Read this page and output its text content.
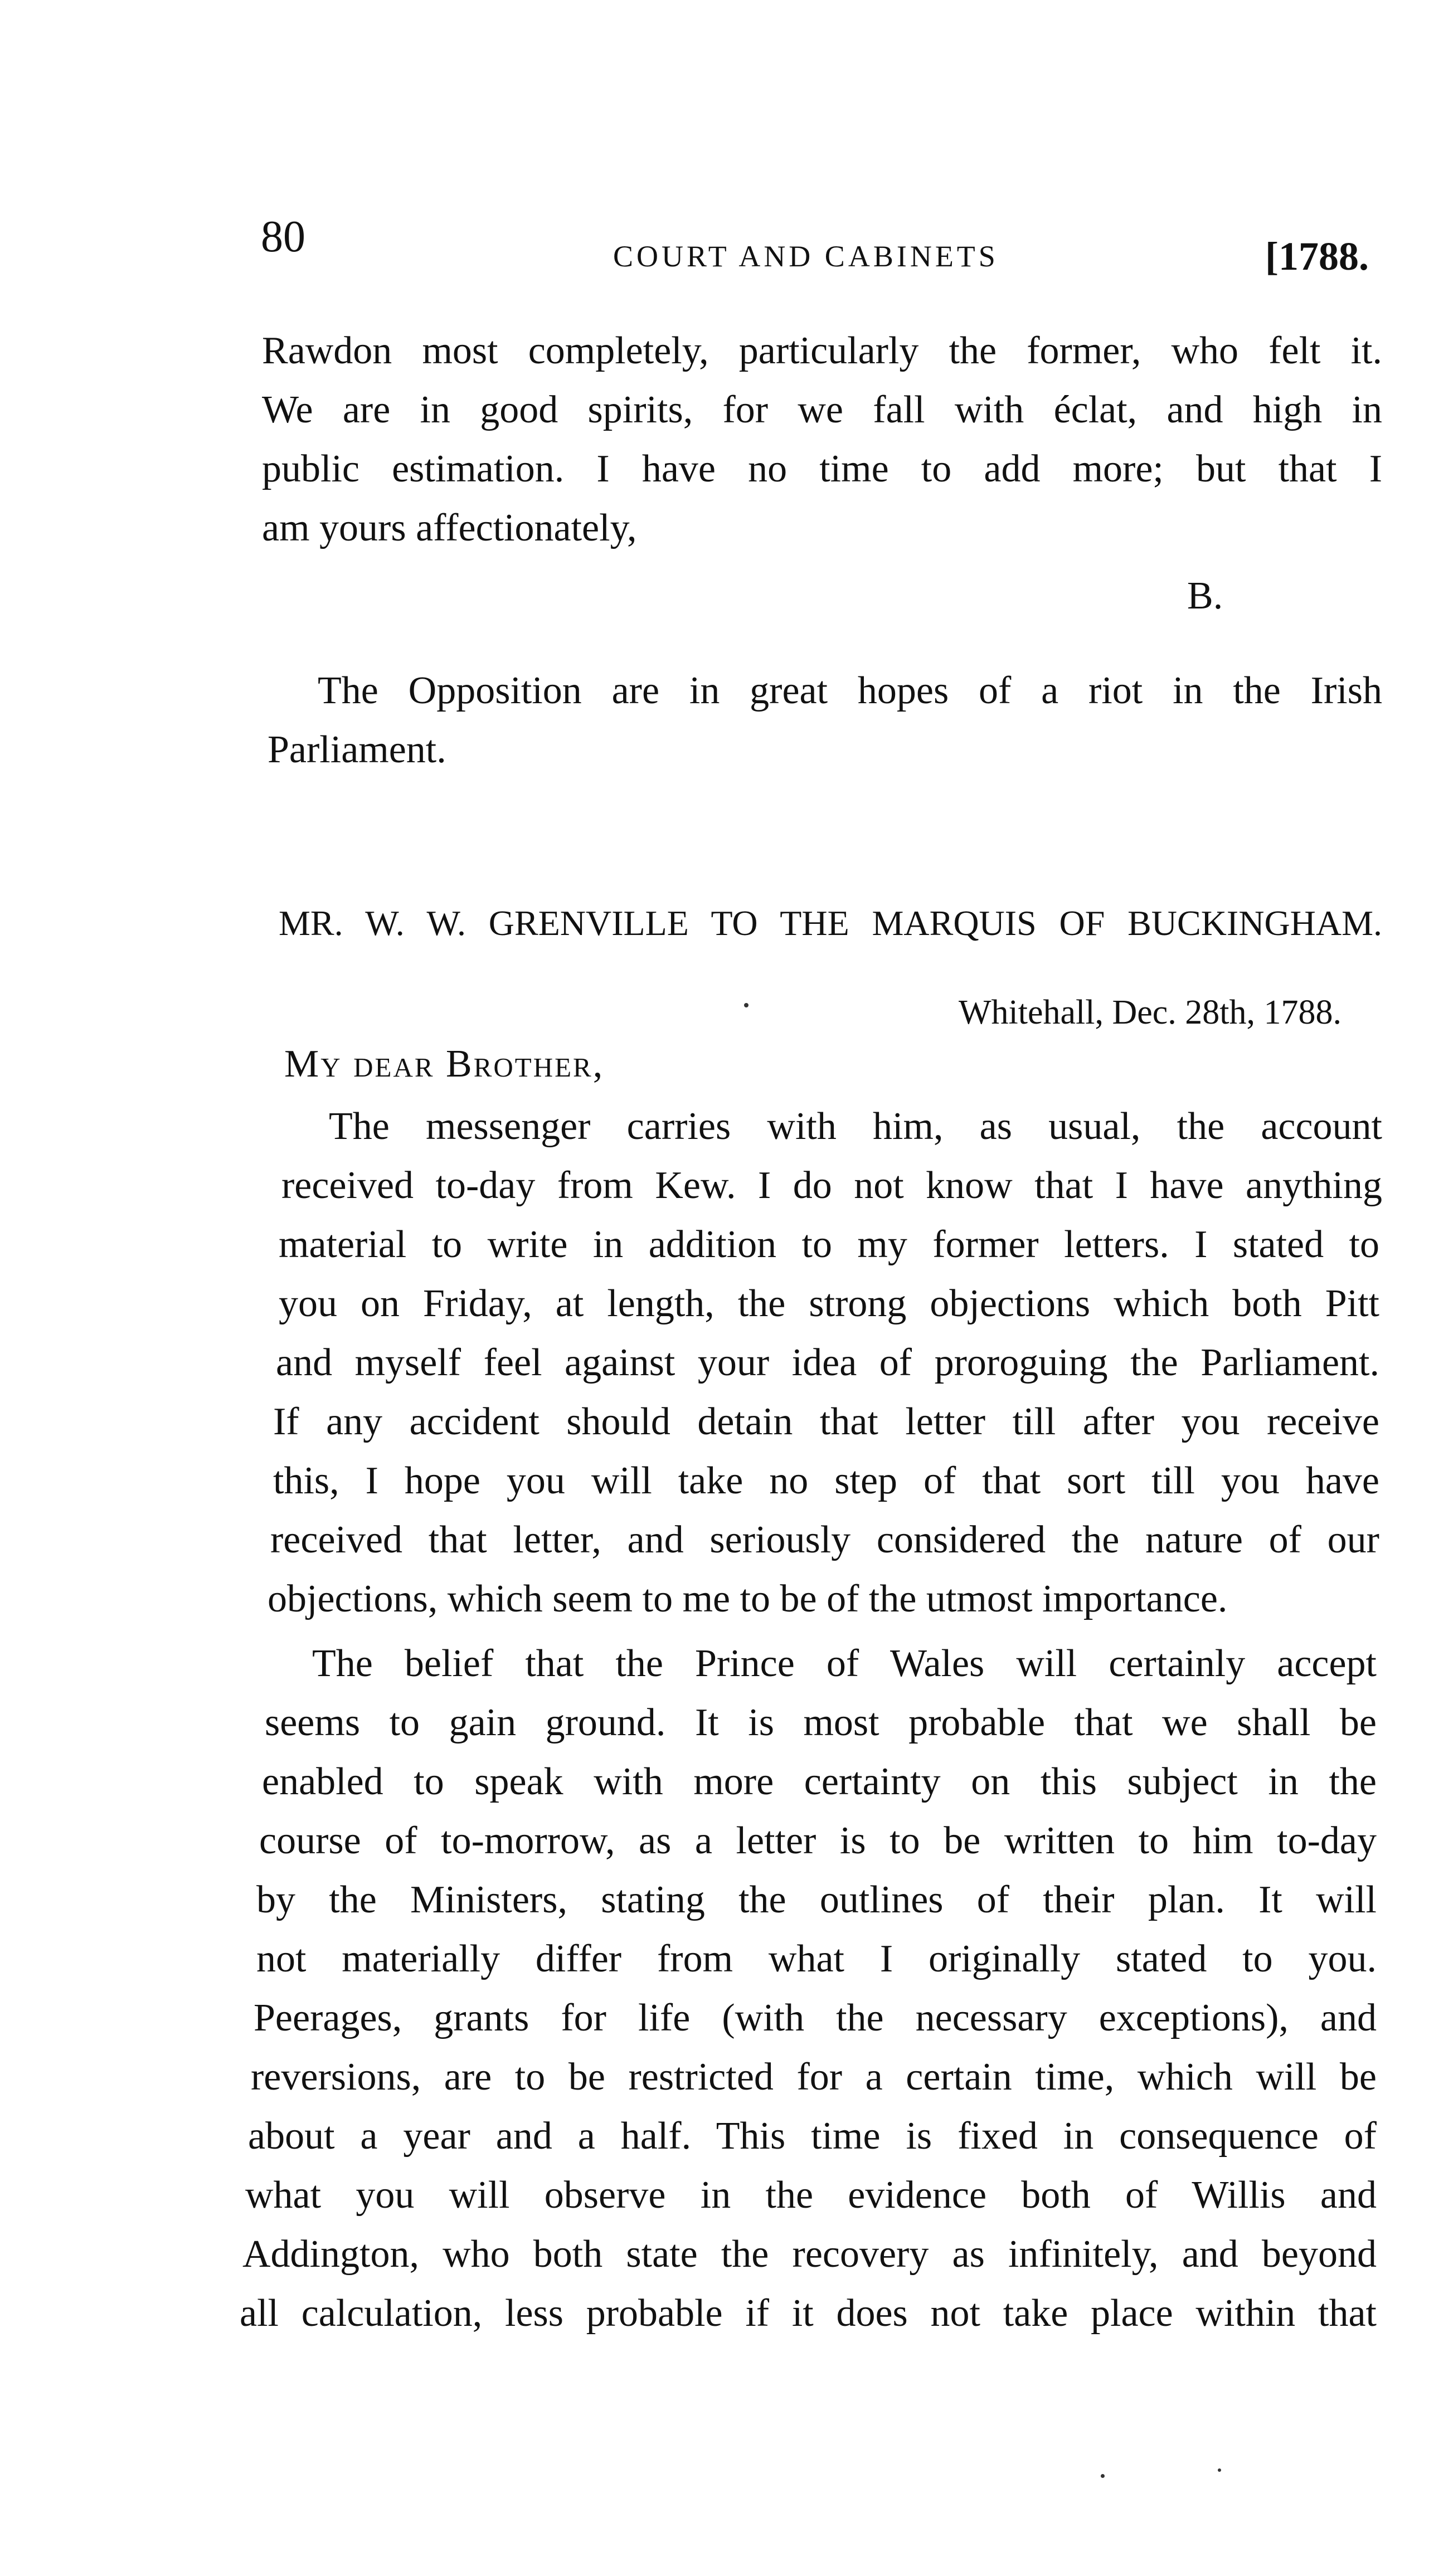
80	COURT AND CABINETS	[1788.
Rawdon most completely, particularly the former, who felt it.
We are in good spirits, for we fall with éclat, and high in
public estimation. I have no time to add more; but that I
am yours affectionately,
B.
The Opposition are in great hopes of a riot in the Irish
Parliament.
MR. W. W. GRENVILLE TO THE MARQUIS OF BUCKINGHAM.
Whitehall, Dec. 28th, 1788.
My dear Brother,
The messenger carries with him, as usual, the account
received to-day from Kew. I do not know that I have anything
material to write in addition to my former letters. I stated to
you on Friday, at length, the strong objections which both Pitt
and myself feel against your idea of proroguing the Parliament.
If any accident should detain that letter till after you receive
this, I hope you will take no step of that sort till you have
received that letter, and seriously considered the nature of our
objections, which seem to me to be of the utmost importance.
The belief that the Prince of Wales will certainly accept
seems to gain ground. It is most probable that we shall be
enabled to speak with more certainty on this subject in the
course of to-morrow, as a letter is to be written to him to-day
by the Ministers, stating the outlines of their plan. It will
not materially differ from what I originally stated to you.
Peerages, grants for life (with the necessary exceptions), and
reversions, are to be restricted for a certain time, which will be
about a year and a half. This time is fixed in consequence of
what you will observe in the evidence both of Willis and
Addington, who both state the recovery as infinitely, and beyond
all calculation, less probable if it does not take place within that
